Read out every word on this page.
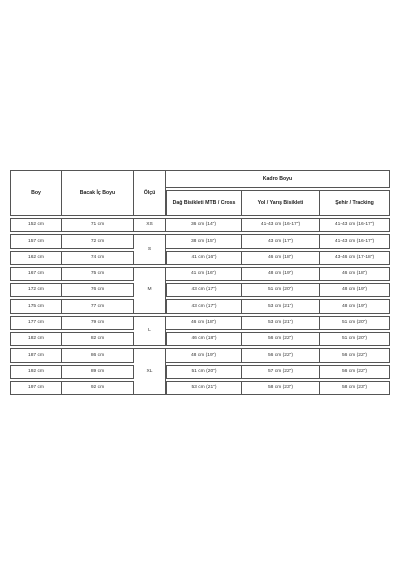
Boy	Bacak İç Boyu	Ölçü	Kadro Boyu		
			Dağ Bisikleti MTB / Cross	Yol / Yarış Bisikleti	Şehir / Tracking
152 cm	71 cm	XS	36 cm (14")	41-43 cm (16-17")	41-43 cm (16-17")
157 cm	72 cm	S	38 cm (15")	43 cm (17")	41-43 cm (16-17")
162 cm	74 cm		41 cm (16")	46 cm (18")	43-46 cm (17-18")
167 cm	75 cm	M	41 cm (16")	48 cm (19")	46 cm (18")
172 cm	76 cm		43 cm (17")	51 cm (20")	48 cm (19")
175 cm	77 cm		43 cm (17")	53 cm (21")	48 cm (19")
177 cm	79 cm	L	46 cm (18")	53 cm (21")	51 cm (20")
182 cm	82 cm		46 cm (18")	56 cm (22")	51 cm (20")
187 cm	86 cm	XL	48 cm (19")	56 cm (22")	56 cm (22")
192 cm	89 cm		51 cm (20")	57 cm (22")	56 cm (22")
197 cm	92 cm		53 cm (21")	58 cm (23")	58 cm (23")
